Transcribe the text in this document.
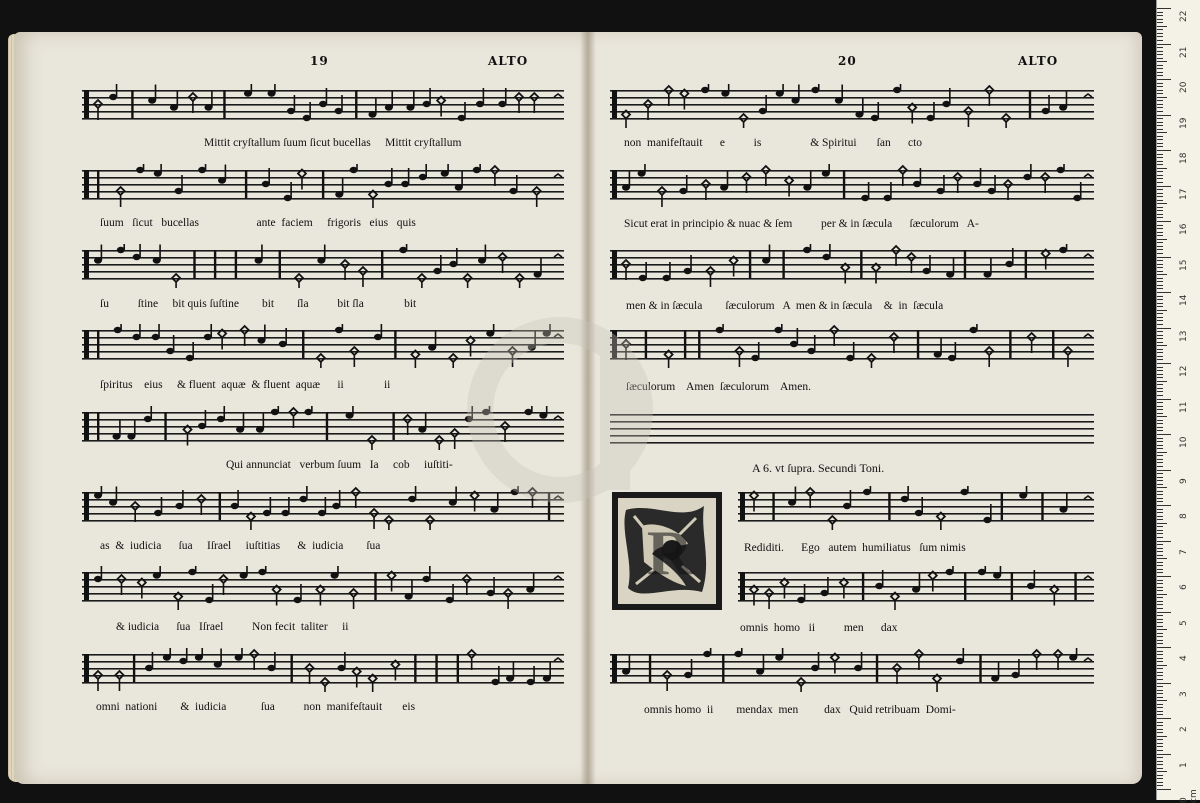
19	ALTO	20	ALTO
Mittit cryſtallum ſuum ſicut bucellas     Mittit cryſtallum
ſuum   ſicut   bucellas                    ante  faciem     frigoris   eius   quis
ſu          ſtine     bit quis ſuſtine        bit        ſla          bit ſla              bit
ſpiritus    eius     & fluent  aquæ  & fluent  aquæ      ii              ii
Qui annunciat   verbum ſuum   Ia     cob     iuſtiti-
as  &  iudicia      ſua     Iſrael     iuſtitias      &  iudicia        ſua
& iudicia      ſua   Iſrael          Non fecit  taliter     ii
omni  nationi        &  iudicia            ſua          non  manifeſtauit       eis
non  manifeſtauit      e          is                 & Spiritui       ſan      cto
Sicut erat in principio & nuac & ſem          per & in ſæcula      ſæculorum   A-
men & in ſæcula        ſæculorum   A  men & in ſæcula    &  in  ſæcula
ſæculorum    Amen  ſæculorum    Amen.
A 6. vt ſupra. Secundi Toni.
R	Rediditi.      Ego   autem  humiliatus   ſum nimis
omnis  homo   ii          men      dax
omnis homo  ii        mendax  men         dax   Quid retribuam  Domi-
22
21
20
19
18
17
16
15
14
13
12
11
10
9
8
7
6
5
4
3
2
1
0 cm
